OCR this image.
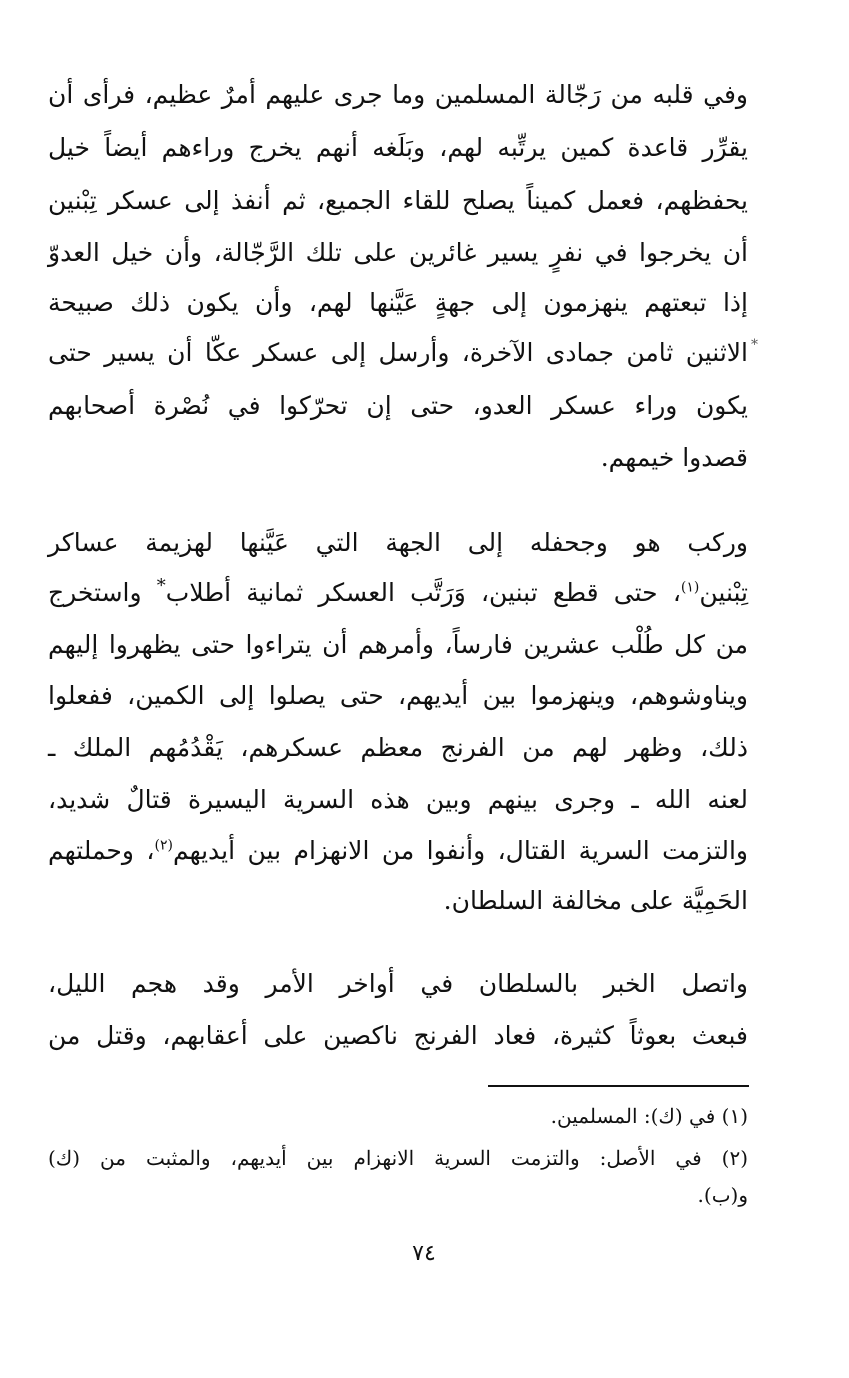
وفي قلبه من رَجّالة المسلمين وما جرى عليهم أمرٌ عظيم، فرأى أن
يقرِّر قاعدة كمين يرتِّبه لهم، وبَلَغه أنهم يخرج وراءهم أيضاً خيل
يحفظهم، فعمل كميناً يصلح للقاء الجميع، ثم أنفذ إلى عسكر تِبْنين
أن يخرجوا في نفرٍ يسير غائرين على تلك الرَّجّالة، وأن خيل العدوّ
إذا تبعتهم ينهزمون إلى جهةٍ عَيَّنها لهم، وأن يكون ذلك صبيحة
الاثنين ثامن جمادى الآخرة، وأرسل إلى عسكر عكّا أن يسير حتى
يكون وراء عسكر العدو، حتى إن تحرّكوا في نُصْرة أصحابهم
قصدوا خيمهم.
*
وركب هو وجحفله إلى الجهة التي عَيَّنها لهزيمة عساكر
تِبْنين$^{(١)}$، حتى قطع تبنين، وَرَتَّب العسكر ثمانية أطلاب* واستخرج
من كل طُلْب عشرين فارساً، وأمرهم أن يتراءوا حتى يظهروا إليهم
ويناوشوهم، وينهزموا بين أيديهم، حتى يصلوا إلى الكمين، ففعلوا
ذلك، وظهر لهم من الفرنج معظم عسكرهم، يَقْدُمُهم الملك ـ
لعنه الله ـ وجرى بينهم وبين هذه السرية اليسيرة قتالٌ شديد،
والتزمت السرية القتال، وأنفوا من الانهزام بين أيديهم$^{(٢)}$، وحملتهم
الحَمِيَّة على مخالفة السلطان.
واتصل الخبر بالسلطان في أواخر الأمر وقد هجم الليل،
فبعث بعوثاً كثيرة، فعاد الفرنج ناكصين على أعقابهم، وقتل من
(١) في (ك): المسلمين.
(٢) في الأصل: والتزمت السرية الانهزام بين أيديهم، والمثبت من (ك)
و(ب).
٧٤
